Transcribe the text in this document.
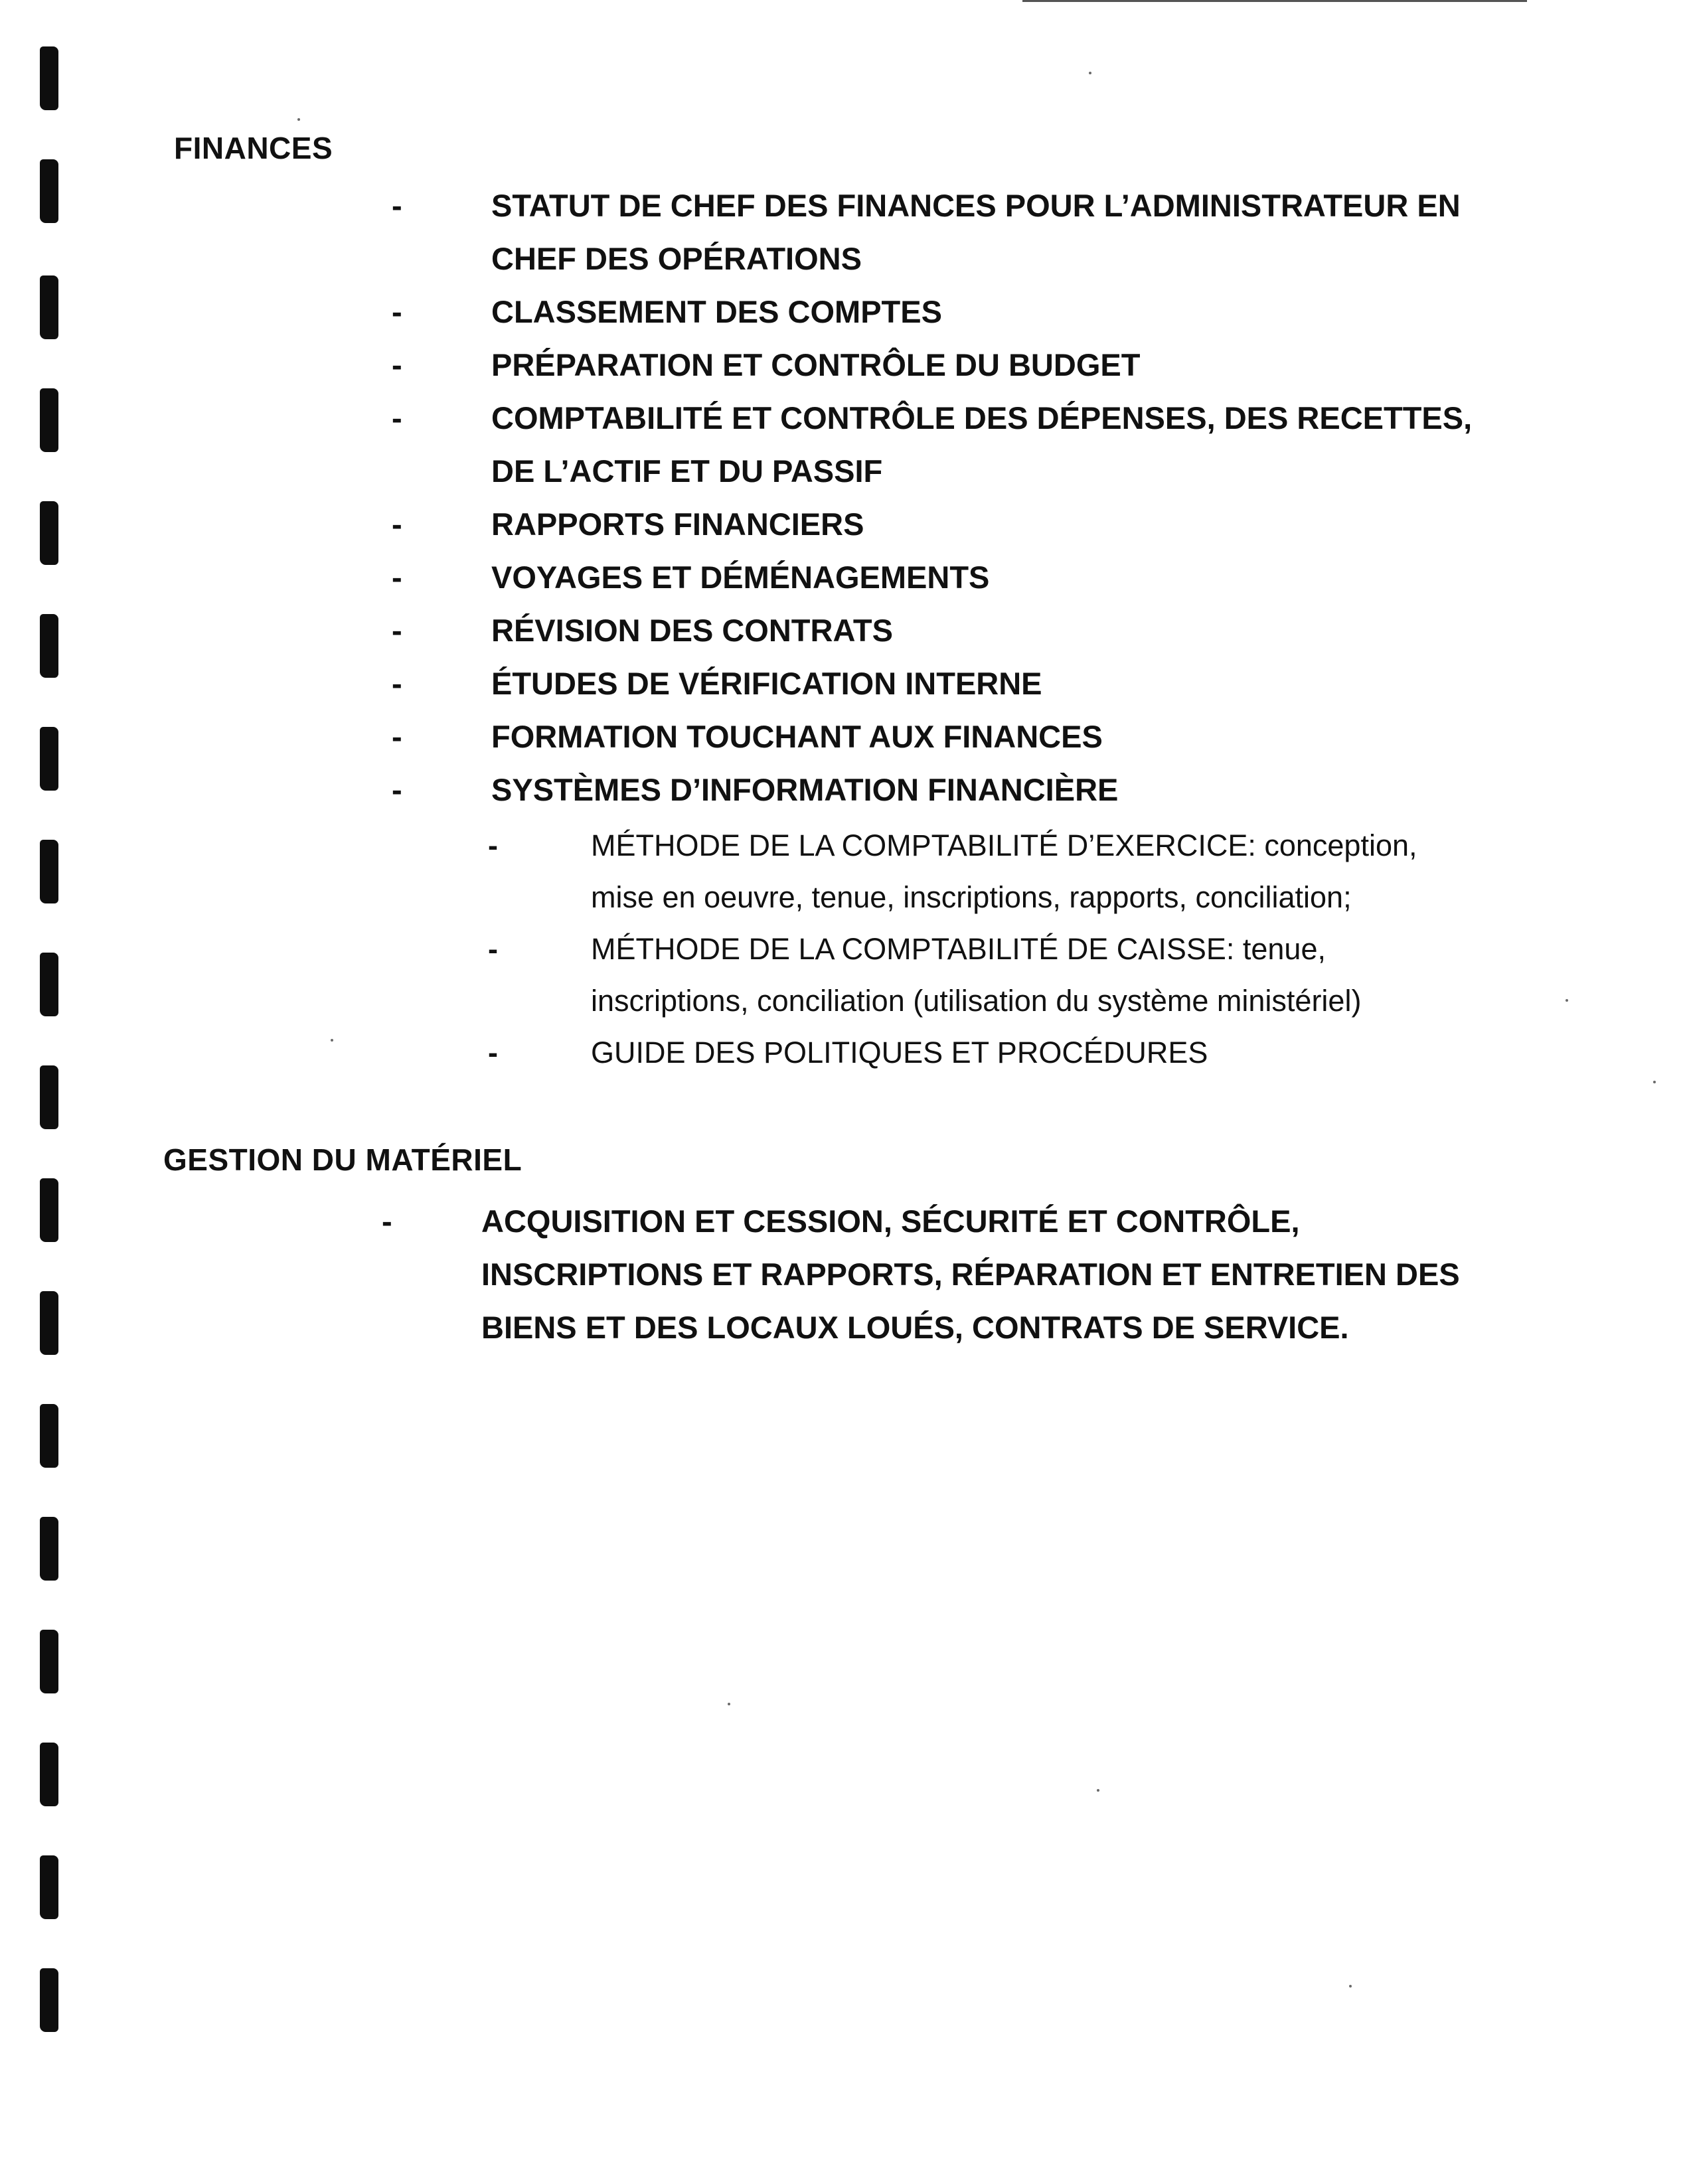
FINANCES
-	STATUT DE CHEF DES FINANCES POUR L’ADMINISTRATEUR EN
CHEF DES OPÉRATIONS
-	CLASSEMENT DES COMPTES
-	PRÉPARATION ET CONTRÔLE DU BUDGET
-	COMPTABILITÉ ET CONTRÔLE DES DÉPENSES, DES RECETTES,
DE L’ACTIF ET DU PASSIF
-	RAPPORTS FINANCIERS
-	VOYAGES ET DÉMÉNAGEMENTS
-	RÉVISION DES CONTRATS
-	ÉTUDES DE VÉRIFICATION INTERNE
-	FORMATION TOUCHANT AUX FINANCES
-	SYSTÈMES D’INFORMATION FINANCIÈRE
-	MÉTHODE DE LA COMPTABILITÉ D’EXERCICE: conception,
mise en oeuvre, tenue, inscriptions, rapports, conciliation;
-	MÉTHODE DE LA COMPTABILITÉ DE CAISSE: tenue,
inscriptions, conciliation (utilisation du système ministériel)
-	GUIDE DES POLITIQUES ET PROCÉDURES
GESTION DU MATÉRIEL
-	ACQUISITION ET CESSION, SÉCURITÉ ET CONTRÔLE,
INSCRIPTIONS ET RAPPORTS, RÉPARATION ET ENTRETIEN DES
BIENS ET DES LOCAUX LOUÉS, CONTRATS DE SERVICE.
